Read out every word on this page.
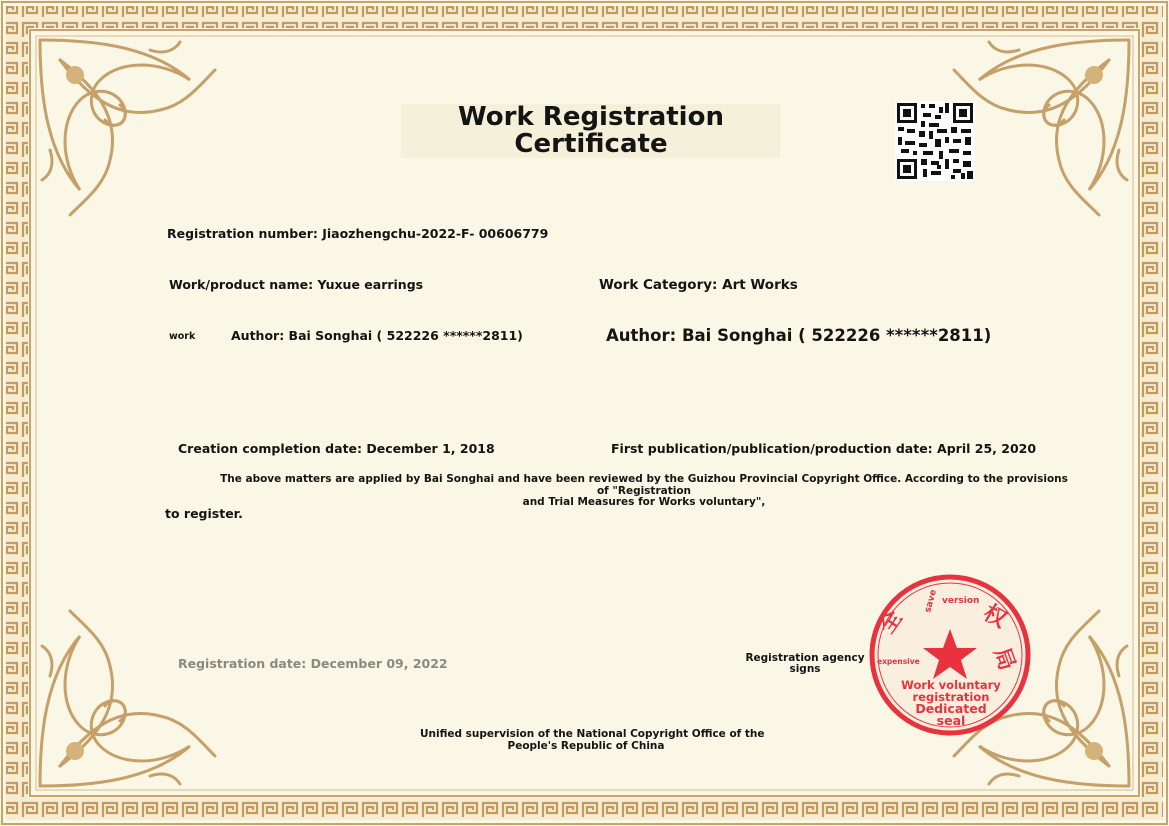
Work Registration
Certificate
Registration number: Jiaozhengchu-2022-F- 00606779
Work/product name: Yuxue earrings	Work Category: Art Works
work	Author: Bai Songhai ( 522226 ******2811)	Author: Bai Songhai ( 522226 ******2811)
Creation completion date: December 1, 2018	First publication/publication/production date: April 25, 2020
The above matters are applied by Bai Songhai and have been reviewed by the Guizhou Provincial Copyright Office. According to the provisions of "Registration
and Trial Measures for Works voluntary",
to register.
Registration date: December 09, 2022	Registration agency
signs
Unified supervision of the National Copyright Office of the
People's Republic of China
save version
全	权
局
expensive
Work voluntary
registration
Dedicated
seal
